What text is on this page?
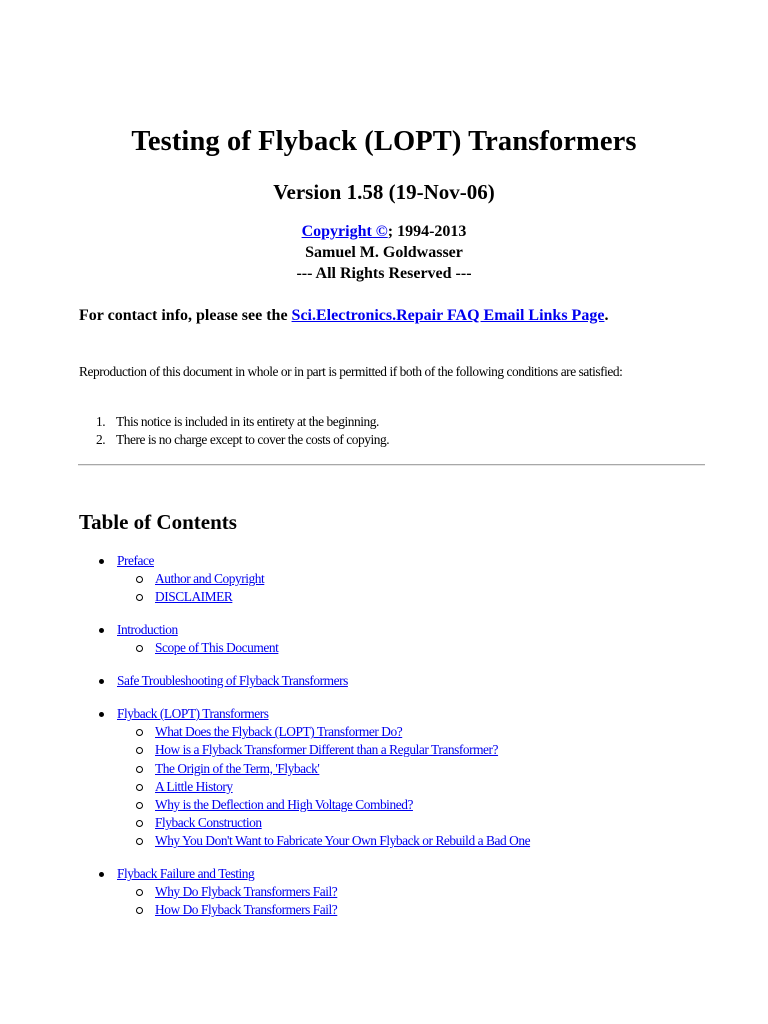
Testing of Flyback (LOPT) Transformers
Version 1.58 (19-Nov-06)
Copyright ©; 1994-2013
Samuel M. Goldwasser
--- All Rights Reserved ---
For contact info, please see the Sci.Electronics.Repair FAQ Email Links Page.
Reproduction of this document in whole or in part is permitted if both of the following conditions are satisfied:
1. This notice is included in its entirety at the beginning.
2. There is no charge except to cover the costs of copying.
Table of Contents
Preface
Author and Copyright
DISCLAIMER
Introduction
Scope of This Document
Safe Troubleshooting of Flyback Transformers
Flyback (LOPT) Transformers
What Does the Flyback (LOPT) Transformer Do?
How is a Flyback Transformer Different than a Regular Transformer?
The Origin of the Term, 'Flyback'
A Little History
Why is the Deflection and High Voltage Combined?
Flyback Construction
Why You Don't Want to Fabricate Your Own Flyback or Rebuild a Bad One
Flyback Failure and Testing
Why Do Flyback Transformers Fail?
How Do Flyback Transformers Fail?
